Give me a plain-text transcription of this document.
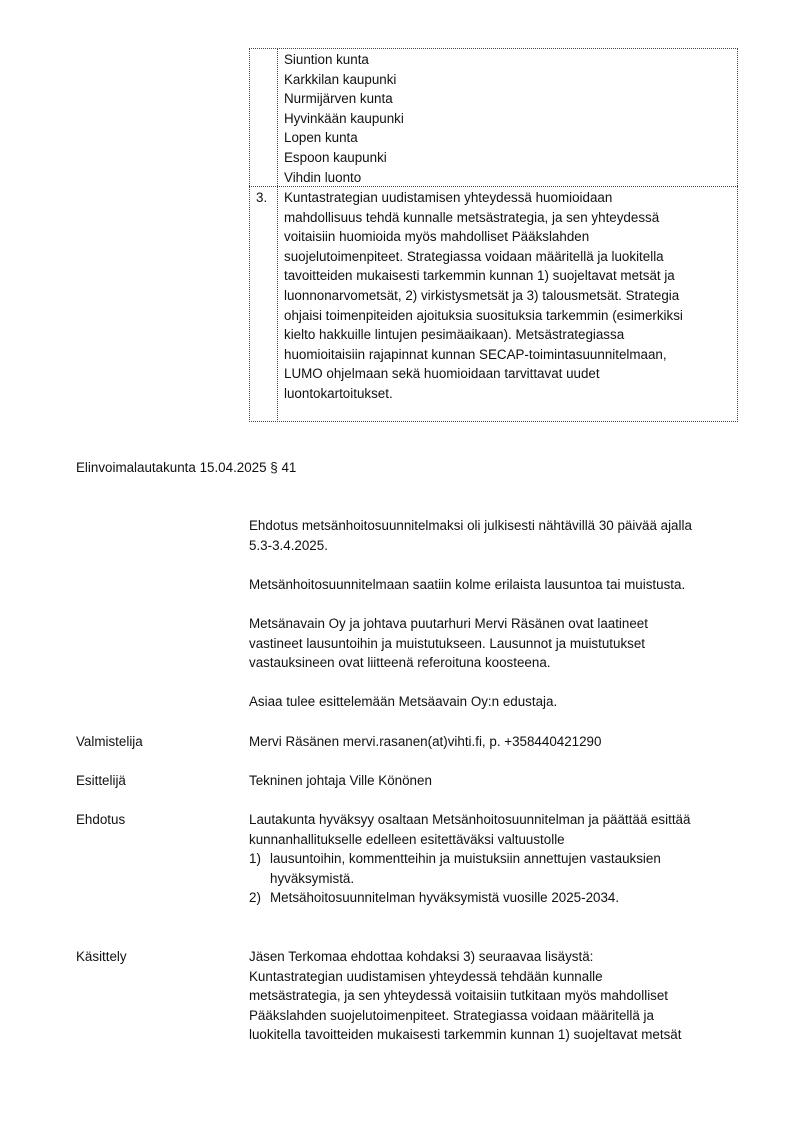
Siuntion kunta
Karkkilan kaupunki
Nurmijärven kunta
Hyvinkään kaupunki
Lopen kunta
Espoon kaupunki
Vihdin luonto
3. Kuntastrategian uudistamisen yhteydessä huomioidaan
mahdollisuus tehdä kunnalle metsästrategia, ja sen yhteydessä
voitaisiin huomioida myös mahdolliset Pääkslahden
suojelutoimenpiteet. Strategiassa voidaan määritellä ja luokitella
tavoitteiden mukaisesti tarkemmin kunnan 1) suojeltavat metsät ja
luonnonarvometsät, 2) virkistysmetsät ja 3) talousmetsät. Strategia
ohjaisi toimenpiteiden ajoituksia suosituksia tarkemmin (esimerkiksi
kielto hakkuille lintujen pesimäaikaan). Metsästrategiassa
huomioitaisiin rajapinnat kunnan SECAP-toimintasuunnitelmaan,
LUMO ohjelmaan sekä huomioidaan tarvittavat uudet
luontokartoitukset.
Elinvoimalautakunta 15.04.2025 § 41
Ehdotus metsänhoitosuunnitelmaksi oli julkisesti nähtävillä 30 päivää ajalla
5.3-3.4.2025.
Metsänhoitosuunnitelmaan saatiin kolme erilaista lausuntoa tai muistusta.
Metsänavain Oy ja johtava puutarhuri Mervi Räsänen ovat laatineet
vastineet lausuntoihin ja muistutukseen. Lausunnot ja muistutukset
vastauksineen ovat liitteenä referoituna koosteena.
Asiaa tulee esittelemään Metsäavain Oy:n edustaja.
Valmistelija	Mervi Räsänen mervi.rasanen(at)vihti.fi, p. +358440421290
Esittelijä	Tekninen johtaja Ville Könönen
Ehdotus	Lautakunta hyväksyy osaltaan Metsänhoitosuunnitelman ja päättää esittää
kunnanhallitukselle edelleen esitettäväksi valtuustolle
1) lausuntoihin, kommentteihin ja muistuksiin annettujen vastauksien
hyväksymistä.
2) Metsähoitosuunnitelman hyväksymistä vuosille 2025-2034.
Käsittely	Jäsen Terkomaa ehdottaa kohdaksi 3) seuraavaa lisäystä:
Kuntastrategian uudistamisen yhteydessä tehdään kunnalle
metsästrategia, ja sen yhteydessä voitaisiin tutkitaan myös mahdolliset
Pääkslahden suojelutoimenpiteet. Strategiassa voidaan määritellä ja
luokitella tavoitteiden mukaisesti tarkemmin kunnan 1) suojeltavat metsät
